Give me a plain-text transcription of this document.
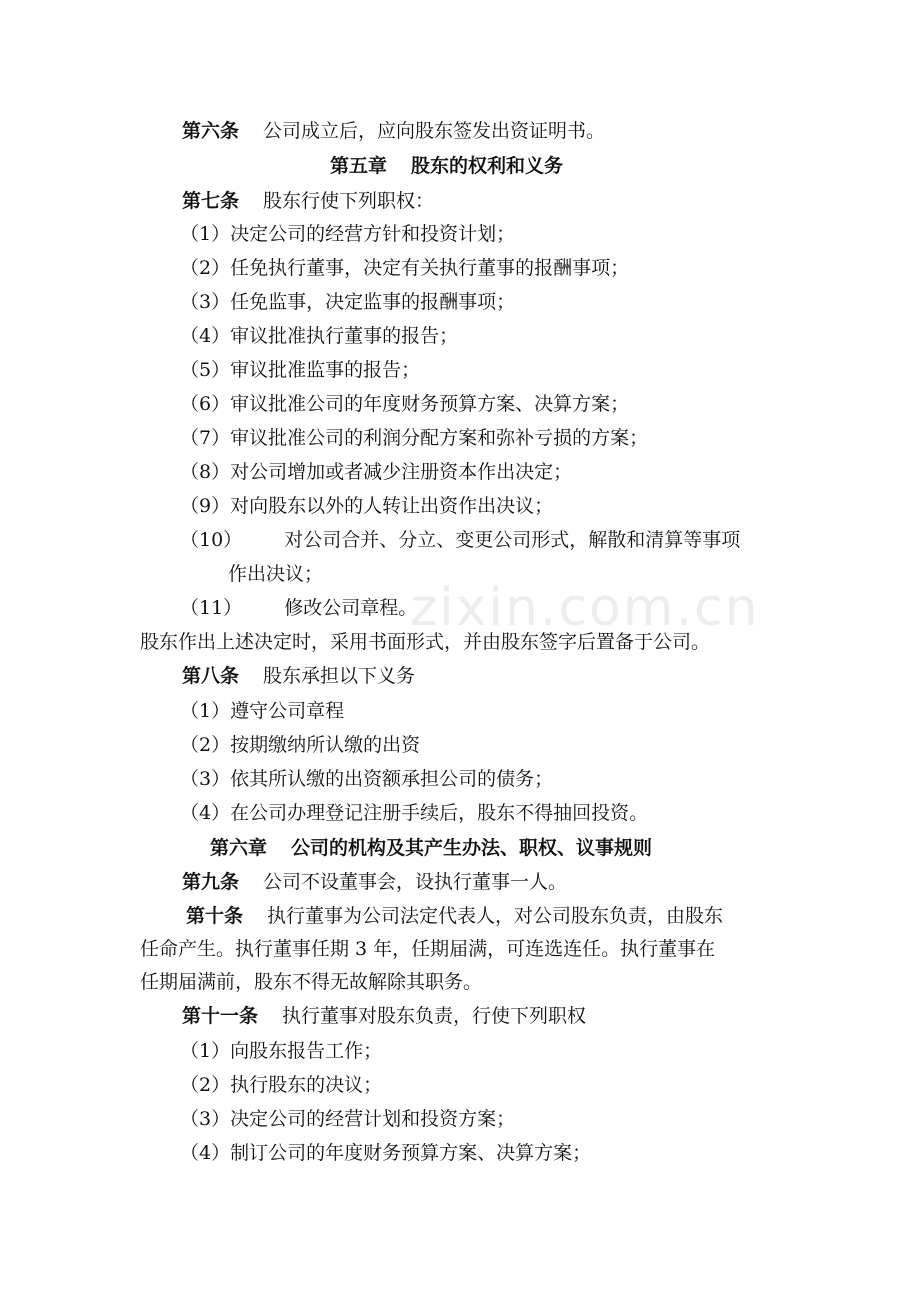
zixin.com.cn
第六条 公司成立后，应向股东签发出资证明书。
第五章 股东的权利和义务
第七条 股东行使下列职权：
（1）决定公司的经营方针和投资计划；
（2）任免执行董事，决定有关执行董事的报酬事项；
（3）任免监事，决定监事的报酬事项；
（4）审议批准执行董事的报告；
（5）审议批准监事的报告；
（6）审议批准公司的年度财务预算方案、决算方案；
（7）审议批准公司的利润分配方案和弥补亏损的方案；
（8）对公司增加或者减少注册资本作出决定；
（9）对向股东以外的人转让出资作出决议；
（10） 对公司合并、分立、变更公司形式，解散和清算等事项
作出决议；
（11） 修改公司章程。
股东作出上述决定时，采用书面形式，并由股东签字后置备于公司。
第八条 股东承担以下义务
（1）遵守公司章程
（2）按期缴纳所认缴的出资
（3）依其所认缴的出资额承担公司的债务；
（4）在公司办理登记注册手续后，股东不得抽回投资。
第六章 公司的机构及其产生办法、职权、议事规则
第九条 公司不设董事会，设执行董事一人。
第十条 执行董事为公司法定代表人，对公司股东负责，由股东
任命产生。执行董事任期 3 年，任期届满，可连选连任。执行董事在
任期届满前，股东不得无故解除其职务。
第十一条 执行董事对股东负责，行使下列职权
（1）向股东报告工作；
（2）执行股东的决议；
（3）决定公司的经营计划和投资方案；
（4）制订公司的年度财务预算方案、决算方案；
